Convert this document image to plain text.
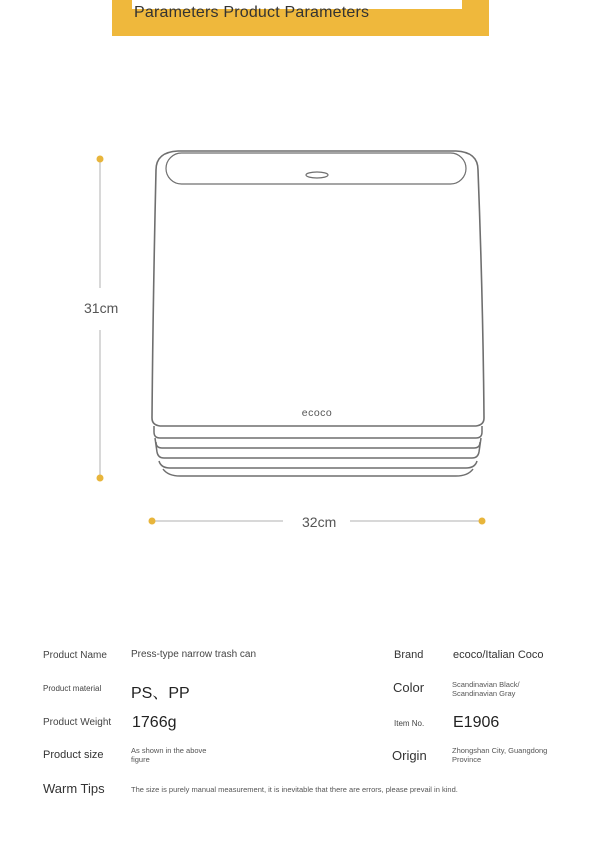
Parameters Product Parameters
ecoco
31cm
32cm
Product Name Press-type narrow trash can	Brand	ecoco/Italian Coco
Product material PS、PP	Color	Scandinavian Black/ Scandinavian Gray
Product Weight 1766g	Item No. E1906
Product size	As shown in the above figure	Origin	Zhongshan City, Guangdong Province
Warm Tips	The size is purely manual measurement, it is inevitable that there are errors, please prevail in kind.
